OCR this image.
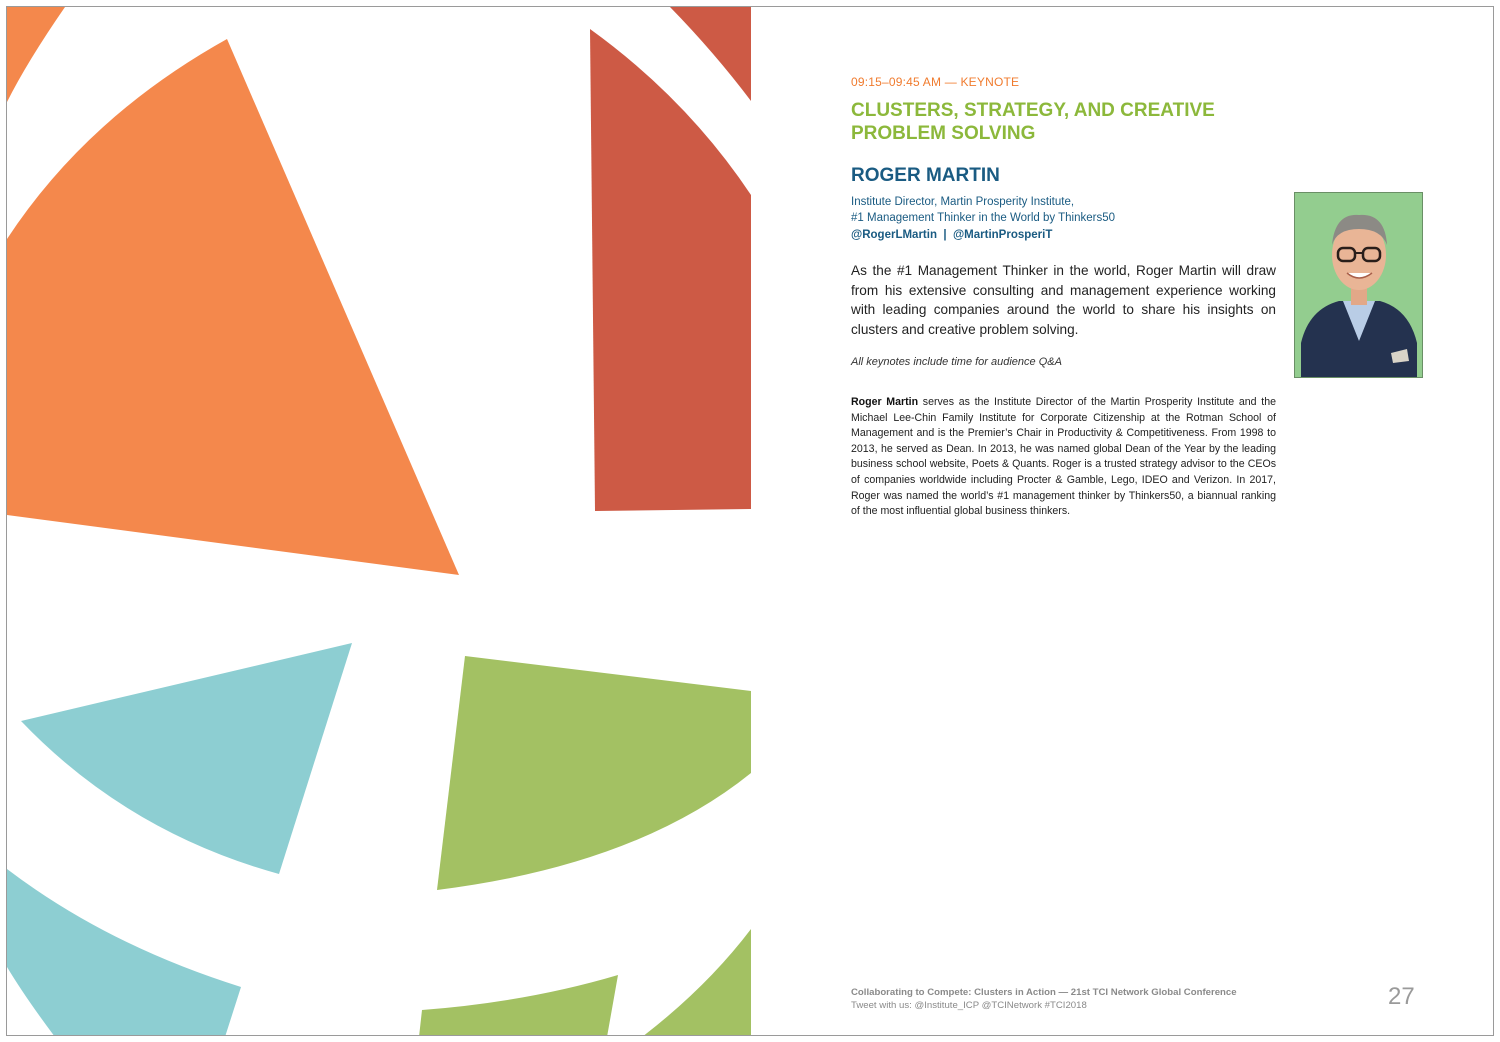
09:15–09:45 AM — KEYNOTE
CLUSTERS, STRATEGY, AND CREATIVE PROBLEM SOLVING
ROGER MARTIN
Institute Director, Martin Prosperity Institute,
#1 Management Thinker in the World by Thinkers50
@RogerLMartin  |  @MartinProsperiT

As the #1 Management Thinker in the world, Roger Martin will draw from his extensive consulting and management experience working with leading companies around the world to share his insights on clusters and creative problem solving.

All keynotes include time for audience Q&A

Roger Martin serves as the Institute Director of the Martin Prosperity Institute and the Michael Lee-Chin Family Institute for Corporate Citizenship at the Rotman School of Management and is the Premier’s Chair in Productivity & Competitiveness. From 1998 to 2013, he served as Dean. In 2013, he was named global Dean of the Year by the leading business school website, Poets & Quants. Roger is a trusted strategy advisor to the CEOs of companies worldwide including Procter & Gamble, Lego, IDEO and Verizon. In 2017, Roger was named the world’s #1 management thinker by Thinkers50, a biannual ranking of the most influential global business thinkers.

Collaborating to Compete: Clusters in Action — 21st TCI Network Global Conference
Tweet with us: @Institute_ICP @TCINetwork #TCI2018	27
